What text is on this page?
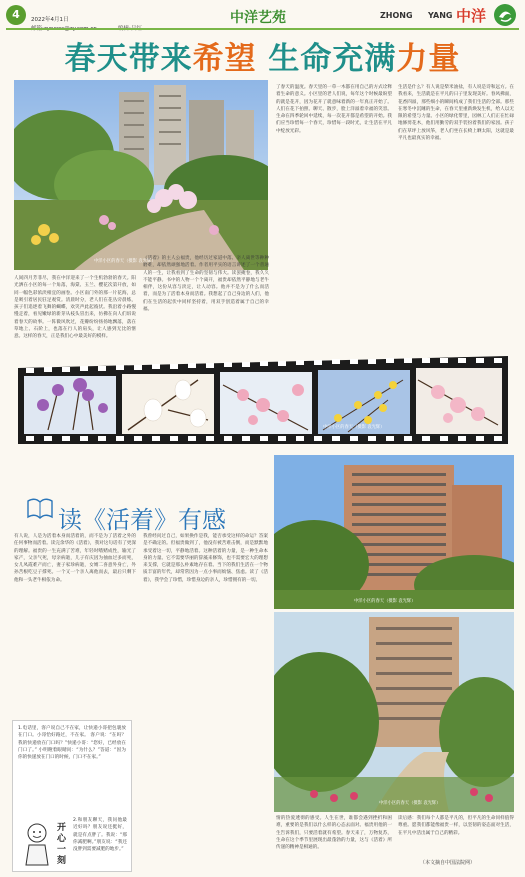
4	2022年4月1日	中洋艺苑	ZHONG YANG 中洋
春天带来希望 生命充满力量
中洋小区的春天（摄影 袁光辉）
人间四月芳菲尽，我在中洋迎来了一个生机勃勃的春天。阳光洒在小区的每一个角落，海棠、玉兰、樱花次第开放，如同一幅色彩浓淡相宜的画卷。小区南门外的那一片花海，总是吸引着居民驻足观赏。清晨时分，老人们在花丛旁晨练，孩子们追逐着飞舞的蝴蝶，欢笑声此起彼伏。我沿着小路慢慢走着，看见嫩绿的新芽从枝头冒出来，仿佛在向人们诉说着春天的故事。一阵微风吹过，花瓣纷纷扬扬地飘落，落在草地上、石阶上，也落在行人的肩头，让人感到无比的惬意。这样的春天，正是我们心中最美好的模样。
《活着》的主人公福贵，他经历过家道中落、亲人离世等种种磨难，却依然顽强地活着。作者用平实的语言讲述了一个普通人的一生，让我看到了生命的坚韧与伟大。读罢掩卷，我久久不能平静。书中的人物一个个离开，福贵却依然平静地与老牛相伴，这份从容与淡定，让人动容。他并不是为了什么而活着，而是为了活着本身而活着。我想起了自己身边的人们，他们在生活的起伏中同样坚持着，用双手创造着属于自己的幸福。
了春天的温度。春天里的一草一木都在用自己的方式诠释着生命的意义。小区里的老人们说，每年这个时候最盼望的就是花开，因为花开了就意味着新的一年真正开始了。人们在花下拍照、聊天、散步，脸上洋溢着幸福的笑容。生命在四季轮回中延续，每一次花开都是希望的开始。我们应当珍惜每一个春天，珍惜每一段时光，让生活在平凡中绽放光彩。
生活是什么？有人说是柴米油盐，有人说是诗和远方。在我看来，生活就是在平凡的日子里发现美好。春风拂面，花香四溢，那些细小的瞬间构成了我们生活的全部。那些在寒冬中沉睡的生命，在春天里重新焕发生机，给人以无限的希望与力量。小区的绿化带里，园林工人们正在忙碌地修剪花木，他们用勤劳的双手装扮着我们的家园。孩子们在草坪上放风筝，老人们坐在长椅上晒太阳，这就是最平凡也最真实的幸福。
中洋小区的春天（摄影 袁光辉）
读《活着》有感
有人说，人是为活着本身而活着的，而不是为了活着之外的任何事物而活着。读完余华的《活着》，我对这句话有了更深的理解。福贵的一生充满了苦难，年轻时嗜赌成性，输光了家产，父亲气死，母亲病逝，儿子有庆因为抽血过多而死，女儿凤霞难产而亡，妻子家珍病逝，女婿二喜意外身亡，外孙苦根吃豆子撑死。一个又一个亲人离他而去，最后只剩下他和一头老牛相依为命。
我曾经问过自己，如果换作是我，能否承受这样的命运？答案是不确定的。但福贵做到了，他没有被苦难击倒，而是默默地承受着这一切，平静地活着。这种活着的力量，是一种生命本身的力量。它不需要华丽的辞藻来修饰，也不需要宏大的理想来支撑，它就是那么朴素地存在着。当下的我们生活在一个物质丰富的年代，却常常因为一点小事而烦恼、焦虑。读了《活着》，我学会了珍惜，珍惜身边的亲人，珍惜拥有的一切。
情的热爱透彻的感受。人生在世，谁都会遇到挫折和困难，重要的是我们以什么样的心态去面对。福贵用他的一生告诉我们，只要活着就有希望。春天来了，万物复苏，生命在这个季节里展现出最蓬勃的力量，这与《活着》所传递的精神是相通的。
读后感：我们每个人都是平凡的，但平凡的生命同样值得尊重。愿我们都能像福贵一样，以坚韧的姿态面对生活，在平凡中活出属于自己的精彩。
（本文摘自中国法院网）
中洋小区的春天（摄影 袁光辉）
中洋小区的春天（摄影 袁光辉）
1.电话里，客户说自己不在家，让快递小哥把包裹放在门口。小哥恰好路过，不在家。 客户说：“在吗？我的快递放在门口吗？”快递小哥：“您好，已经放在门口了。” 小明瞪着眼睛问：“为什么？”答道：“因为你的快递放在门口的时候，门口不在家。”
2.和朋友聊天，我问他最近好吗？朋友说还挺好，就是有点胖了。我说：“那你减肥啊。”朋友说：“我还没胖到需要减肥的地步。”
开心一刻
